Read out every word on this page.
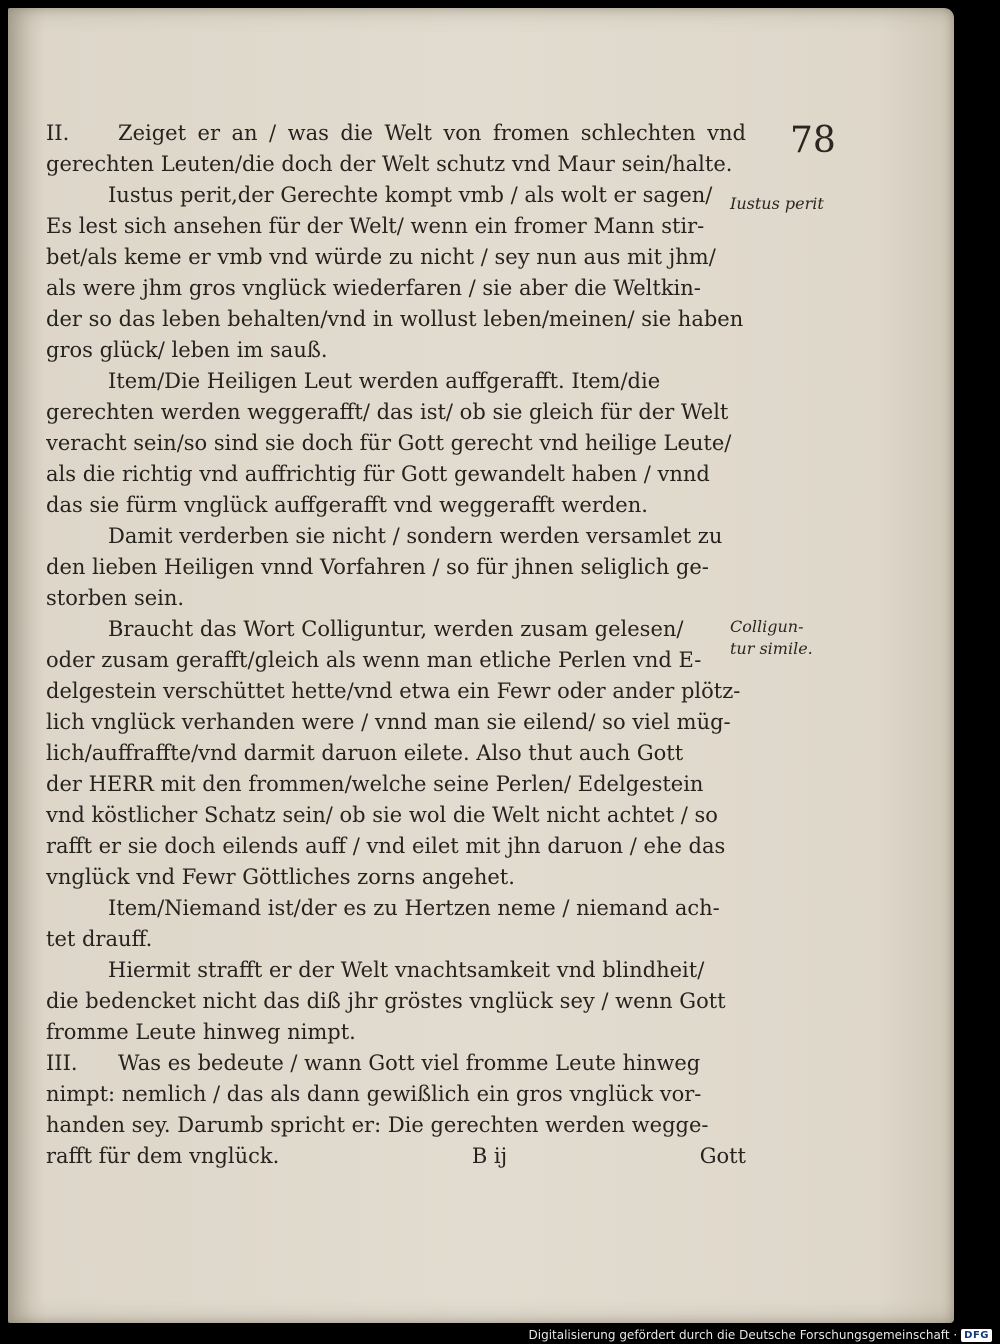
78
II. Zeiget er an / was die Welt von fromen schlechten vnd
gerechten Leuten/die doch der Welt schutz vnd Maur sein/halte.
Iustus perit,der Gerechte kompt vmb / als wolt er sagen/
Es lest sich ansehen für der Welt/ wenn ein fromer Mann stir-
bet/als keme er vmb vnd würde zu nicht / sey nun aus mit jhm/
als were jhm gros vnglück wiederfaren / sie aber die Weltkin-
der so das leben behalten/vnd in wollust leben/meinen/ sie haben
gros glück/ leben im sauß.
Item/Die Heiligen Leut werden auffgerafft. Item/die
gerechten werden weggerafft/ das ist/ ob sie gleich für der Welt
veracht sein/so sind sie doch für Gott gerecht vnd heilige Leute/
als die richtig vnd auffrichtig für Gott gewandelt haben / vnnd
das sie fürm vnglück auffgerafft vnd weggerafft werden.
Damit verderben sie nicht / sondern werden versamlet zu
den lieben Heiligen vnnd Vorfahren / so für jhnen seliglich ge-
storben sein.
Braucht das Wort Colliguntur, werden zusam gelesen/
oder zusam gerafft/gleich als wenn man etliche Perlen vnd E-
delgestein verschüttet hette/vnd etwa ein Fewr oder ander plötz-
lich vnglück verhanden were / vnnd man sie eilend/ so viel müg-
lich/auffraffte/vnd darmit daruon eilete. Also thut auch Gott
der HERR mit den frommen/welche seine Perlen/ Edelgestein
vnd köstlicher Schatz sein/ ob sie wol die Welt nicht achtet / so
rafft er sie doch eilends auff / vnd eilet mit jhn daruon / ehe das
vnglück vnd Fewr Göttliches zorns angehet.
Item/Niemand ist/der es zu Hertzen neme / niemand ach-
tet drauff.
Hiermit strafft er der Welt vnachtsamkeit vnd blindheit/
die bedencket nicht das diß jhr gröstes vnglück sey / wenn Gott
fromme Leute hinweg nimpt.
III. Was es bedeute / wann Gott viel fromme Leute hinweg
nimpt: nemlich / das als dann gewißlich ein gros vnglück vor-
handen sey. Darumb spricht er: Die gerechten werden wegge-
rafft für dem vnglück.	B ij	Gott
Iustus perit
Colligun-
tur simile.
Digitalisierung gefördert durch die Deutsche Forschungsgemeinschaft · DFG
